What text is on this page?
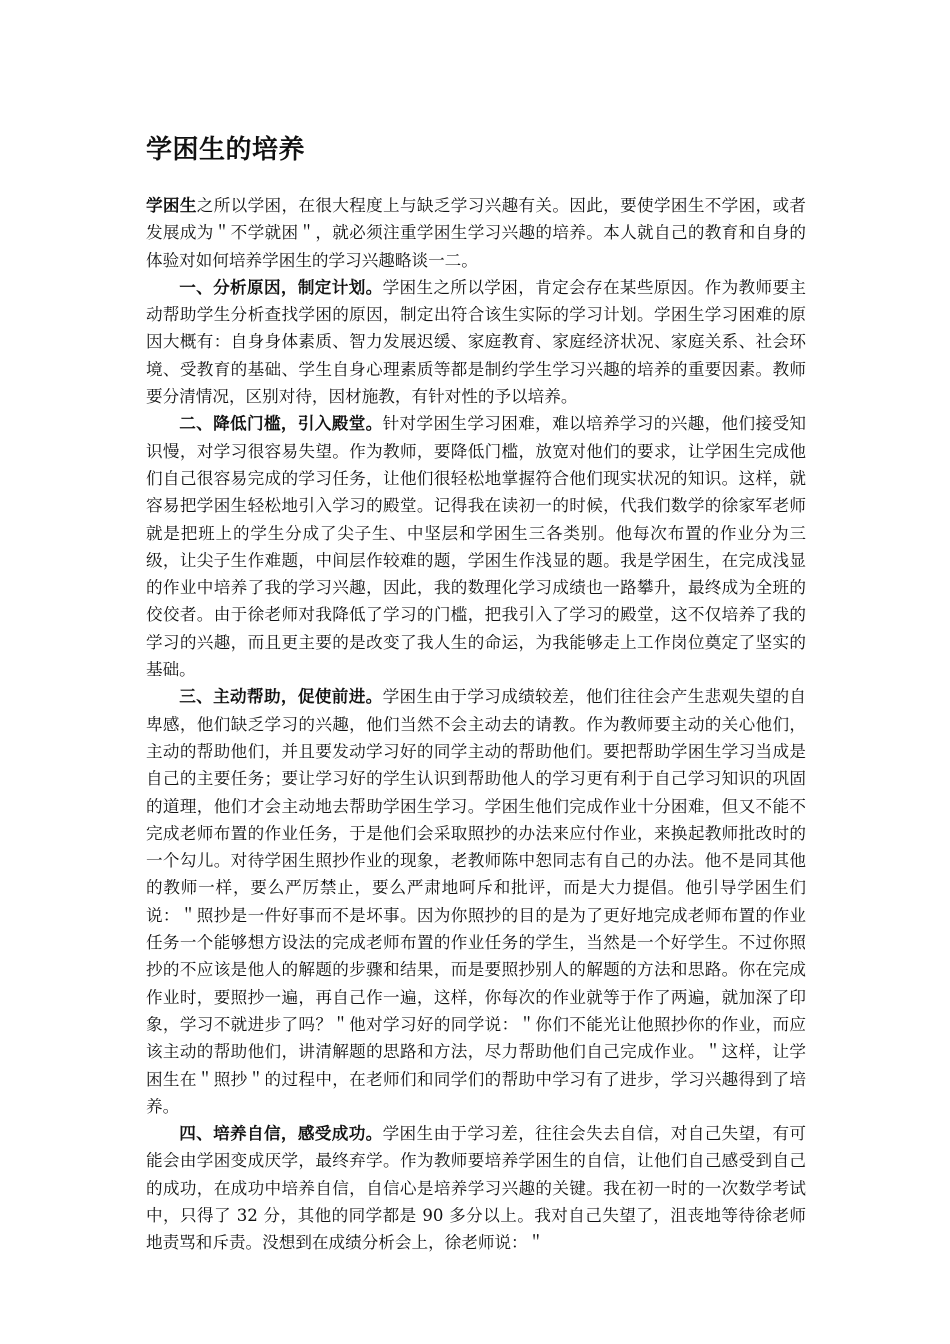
学困生的培养

学困生之所以学困，在很大程度上与缺乏学习兴趣有关。因此，要使学困生不学困，或者发展成为＂不学就困＂，就必须注重学困生学习兴趣的培养。本人就自己的教育和自身的体验对如何培养学困生的学习兴趣略谈一二。

一、分析原因，制定计划。学困生之所以学困，肯定会存在某些原因。作为教师要主动帮助学生分析查找学困的原因，制定出符合该生实际的学习计划。学困生学习困难的原因大概有：自身身体素质、智力发展迟缓、家庭教育、家庭经济状况、家庭关系、社会环境、受教育的基础、学生自身心理素质等都是制约学生学习兴趣的培养的重要因素。教师要分清情况，区别对待，因材施教，有针对性的予以培养。

二、降低门槛，引入殿堂。针对学困生学习困难，难以培养学习的兴趣，他们接受知识慢，对学习很容易失望。作为教师，要降低门槛，放宽对他们的要求，让学困生完成他们自己很容易完成的学习任务，让他们很轻松地掌握符合他们现实状况的知识。这样，就容易把学困生轻松地引入学习的殿堂。记得我在读初一的时候，代我们数学的徐家军老师就是把班上的学生分成了尖子生、中坚层和学困生三各类别。他每次布置的作业分为三级，让尖子生作难题，中间层作较难的题，学困生作浅显的题。我是学困生，在完成浅显的作业中培养了我的学习兴趣，因此，我的数理化学习成绩也一路攀升，最终成为全班的佼佼者。由于徐老师对我降低了学习的门槛，把我引入了学习的殿堂，这不仅培养了我的学习的兴趣，而且更主要的是改变了我人生的命运，为我能够走上工作岗位奠定了坚实的基础。

三、主动帮助，促使前进。学困生由于学习成绩较差，他们往往会产生悲观失望的自卑感，他们缺乏学习的兴趣，他们当然不会主动去的请教。作为教师要主动的关心他们，主动的帮助他们，并且要发动学习好的同学主动的帮助他们。要把帮助学困生学习当成是自己的主要任务；要让学习好的学生认识到帮助他人的学习更有利于自己学习知识的巩固的道理，他们才会主动地去帮助学困生学习。学困生他们完成作业十分困难，但又不能不完成老师布置的作业任务，于是他们会采取照抄的办法来应付作业，来换起教师批改时的一个勾儿。对待学困生照抄作业的现象，老教师陈中恕同志有自己的办法。他不是同其他的教师一样，要么严厉禁止，要么严肃地呵斥和批评，而是大力提倡。他引导学困生们说：＂照抄是一件好事而不是坏事。因为你照抄的目的是为了更好地完成老师布置的作业任务一个能够想方设法的完成老师布置的作业任务的学生，当然是一个好学生。不过你照抄的不应该是他人的解题的步骤和结果，而是要照抄别人的解题的方法和思路。你在完成作业时，要照抄一遍，再自己作一遍，这样，你每次的作业就等于作了两遍，就加深了印象，学习不就进步了吗？＂他对学习好的同学说：＂你们不能光让他照抄你的作业，而应该主动的帮助他们，讲清解题的思路和方法，尽力帮助他们自己完成作业。＂这样，让学困生在＂照抄＂的过程中，在老师们和同学们的帮助中学习有了进步，学习兴趣得到了培养。

四、培养自信，感受成功。学困生由于学习差，往往会失去自信，对自己失望，有可能会由学困变成厌学，最终弃学。作为教师要培养学困生的自信，让他们自己感受到自己的成功，在成功中培养自信，自信心是培养学习兴趣的关键。我在初一时的一次数学考试中，只得了 32 分，其他的同学都是 90 多分以上。我对自己失望了，沮丧地等待徐老师地责骂和斥责。没想到在成绩分析会上，徐老师说：＂
